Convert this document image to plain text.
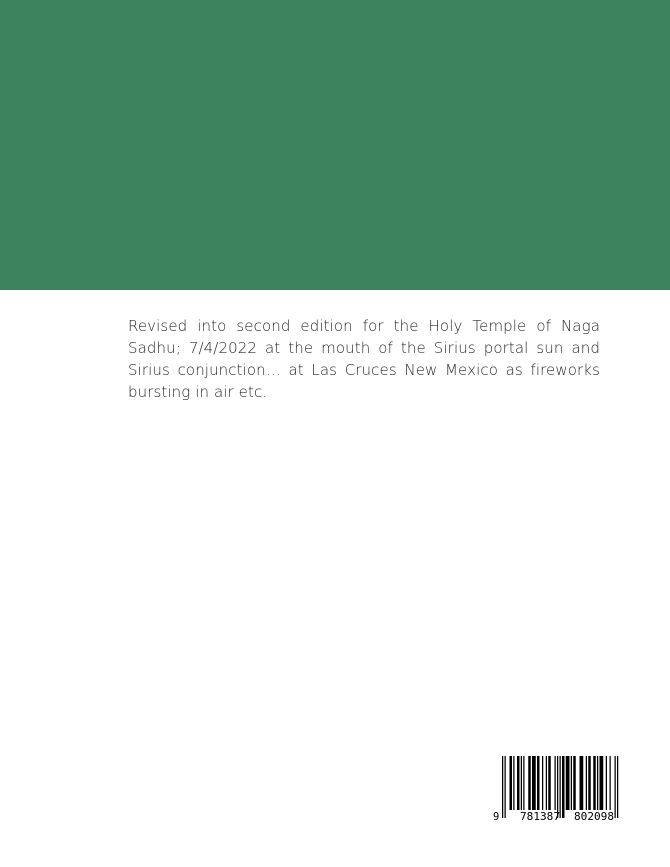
Revised into second edition for the Holy Temple of Naga Sadhu; 7/4/2022 at the mouth of the Sirius portal sun and Sirius conjunction… at Las Cruces New Mexico as fireworks bursting in air etc.

9 781387 802098
